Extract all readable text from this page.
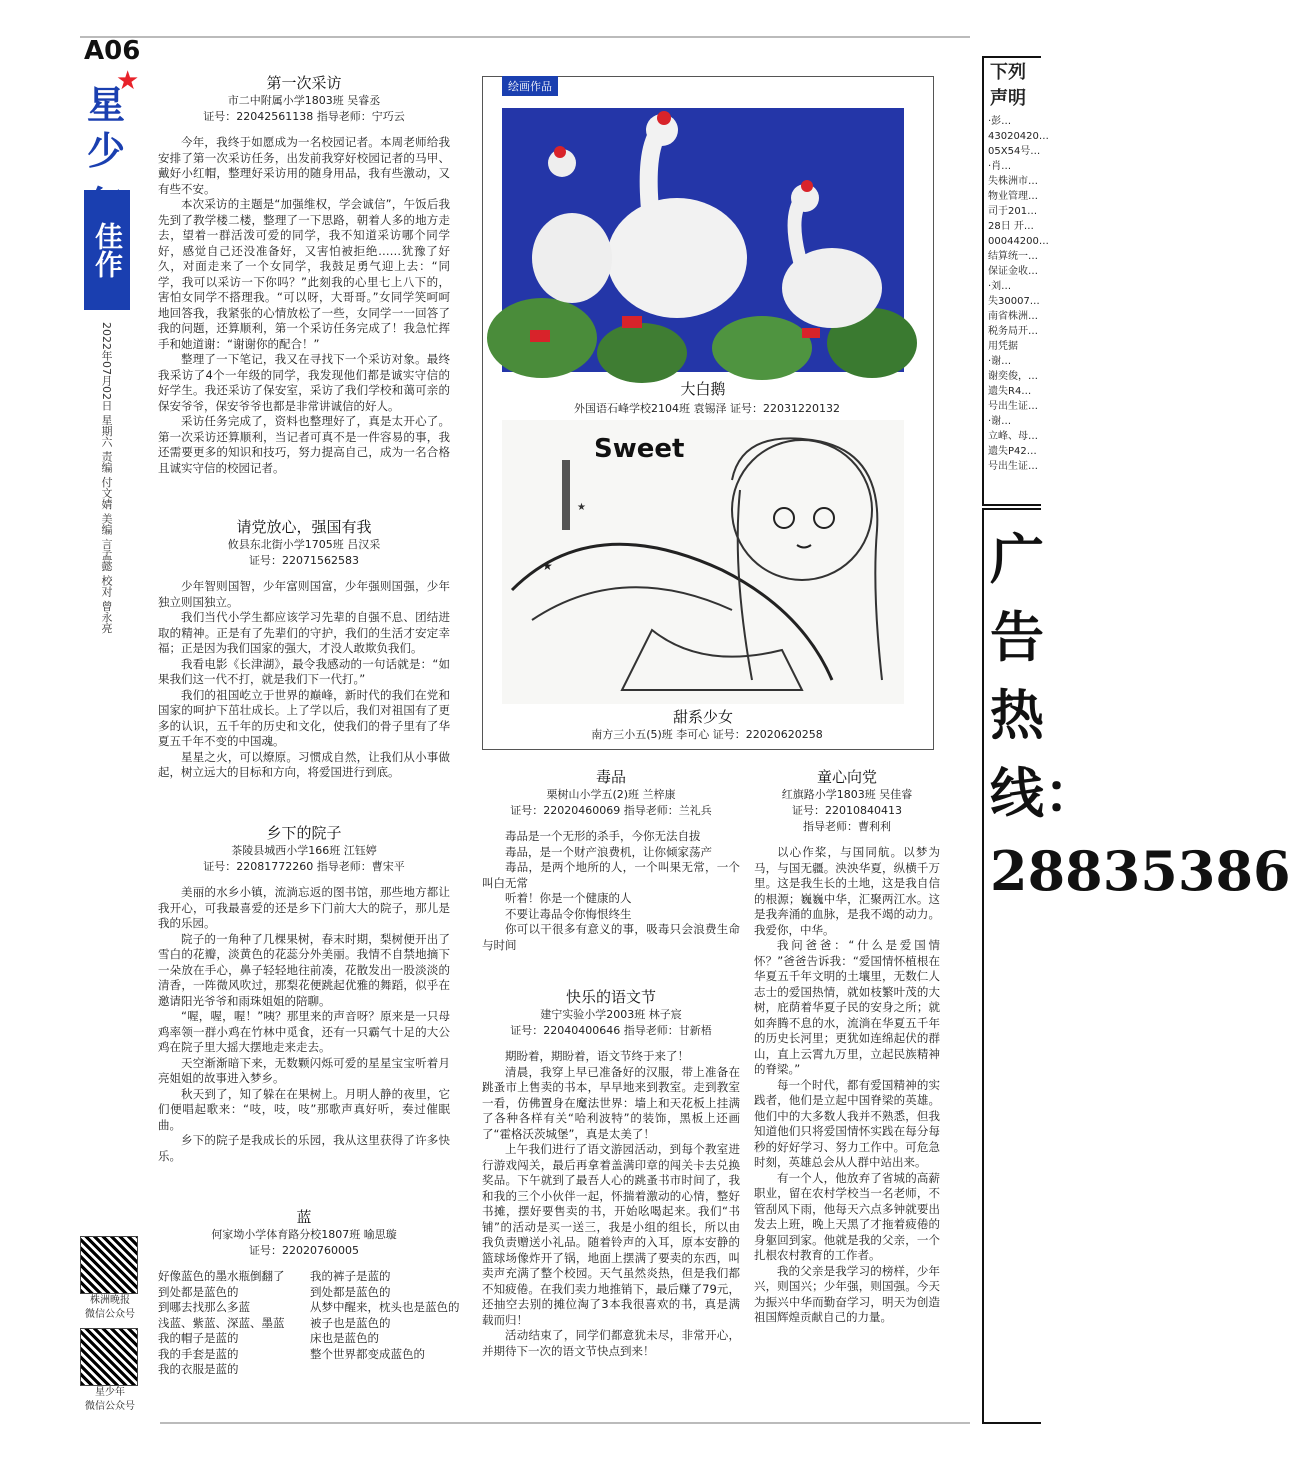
A06
★
星
少
佳作
2022年07月02日 星期六 责编 付文婧 美编 言孟懿 校对 曾永亮
株洲晚报
微信公众号
星少年
微信公众号
第一次采访
市二中附属小学1803班 吴睿丞
证号：22042561138 指导老师：宁巧云

今年，我终于如愿成为一名校园记者。本周老师给我安排了第一次采访任务，出发前我穿好校园记者的马甲、戴好小红帽，整理好采访用的随身用品，我有些激动，又有些不安。

本次采访的主题是“加强维权，学会诚信”，午饭后我先到了教学楼二楼，整理了一下思路，朝着人多的地方走去，望着一群活泼可爱的同学，我不知道采访哪个同学好，感觉自己还没准备好，又害怕被拒绝……犹豫了好久，对面走来了一个女同学，我鼓足勇气迎上去：“同学，我可以采访一下你吗？”此刻我的心里七上八下的，害怕女同学不搭理我。“可以呀，大哥哥。”女同学笑呵呵地回答我，我紧张的心情放松了一些，女同学一一回答了我的问题，还算顺利，第一个采访任务完成了！我急忙挥手和她道谢：“谢谢你的配合！”

整理了一下笔记，我又在寻找下一个采访对象。最终我采访了4个一年级的同学，我发现他们都是诚实守信的好学生。我还采访了保安室，采访了我们学校和蔼可亲的保安爷爷，保安爷爷也都是非常讲诚信的好人。

采访任务完成了，资料也整理好了，真是太开心了。第一次采访还算顺利，当记者可真不是一件容易的事，我还需要更多的知识和技巧，努力提高自己，成为一名合格且诚实守信的校园记者。

请党放心，强国有我
攸县东北街小学1705班 吕汉采
证号：22071562583

少年智则国智，少年富则国富，少年强则国强，少年独立则国独立。

我们当代小学生都应该学习先辈的自强不息、团结进取的精神。正是有了先辈们的守护，我们的生活才安定幸福；正是因为我们国家的强大，才没人敢欺负我们。

我看电影《长津湖》，最令我感动的一句话就是：“如果我们这一代不打，就是我们下一代打。”

我们的祖国屹立于世界的巅峰，新时代的我们在党和国家的呵护下茁壮成长。上了学以后，我们对祖国有了更多的认识，五千年的历史和文化，使我们的骨子里有了华夏五千年不变的中国魂。

星星之火，可以燎原。习惯成自然，让我们从小事做起，树立远大的目标和方向，将爱国进行到底。

乡下的院子
茶陵县城西小学166班 江钰婷
证号：22081772260 指导老师：曹宋平

美丽的水乡小镇，流淌忘返的图书馆，那些地方都让我开心，可我最喜爱的还是乡下门前大大的院子，那儿是我的乐园。

院子的一角种了几棵果树，春末时期，梨树便开出了雪白的花瓣，淡黄色的花蕊分外美丽。我情不自禁地摘下一朵放在手心，鼻子轻轻地往前凑，花散发出一股淡淡的清香，一阵微风吹过，那梨花便跳起优雅的舞蹈，似乎在邀请阳光爷爷和雨珠姐姐的陪聊。

“喔，喔，喔！”咦？那里来的声音呀？原来是一只母鸡率领一群小鸡在竹林中觅食，还有一只霸气十足的大公鸡在院子里大摇大摆地走来走去。

天空渐渐暗下来，无数颗闪烁可爱的星星宝宝听着月亮姐姐的故事进入梦乡。

秋天到了，知了躲在在果树上。月明人静的夜里，它们便唱起歌来：“吱，吱，吱”那歌声真好听，奏过催眠曲。

乡下的院子是我成长的乐园，我从这里获得了许多快乐。

蓝
何家坳小学体育路分校1807班 喻思璇
证号：22020760005
好像蓝色的墨水瓶倒翻了
到处都是蓝色的
到哪去找那么多蓝
浅蓝、紫蓝、深蓝、墨蓝
我的帽子是蓝的
我的手套是蓝的
我的衣服是蓝的
我的裤子是蓝的
到处都是蓝色的
从梦中醒来，枕头也是蓝色的
被子也是蓝色的
床也是蓝色的
整个世界都变成蓝色的
绘画作品
大白鹅
外国语石峰学校2104班 袁锡泽 证号：22031220132
★
★
Sweet
甜系少女
南方三小五(5)班 李可心 证号：22020620258
毒品
栗树山小学五(2)班 兰梓康
证号：22020460069 指导老师：兰礼兵

毒品是一个无形的杀手，今你无法自拔

毒品，是一个财产浪费机，让你倾家荡产

毒品，是两个地所的人，一个叫果无常，一个叫白无常

听着！你是一个健康的人

不要让毒品令你悔恨终生

你可以干很多有意义的事，吸毒只会浪费生命与时间

快乐的语文节
建宁实验小学2003班 林子宸
证号：22040400646 指导老师：甘新梧

期盼着，期盼着，语文节终于来了！

清晨，我穿上早已准备好的汉服，带上准备在跳蚤市上售卖的书本，早早地来到教室。走到教室一看，仿佛置身在魔法世界：墙上和天花板上挂满了各种各样有关“哈利波特”的装饰，黑板上还画了“霍格沃茨城堡”，真是太美了！

上午我们进行了语文游园活动，到每个教室进行游戏闯关，最后再拿着盖满印章的闯关卡去兑换奖品。下午就到了最吾人心的跳蚤书市时间了，我和我的三个小伙伴一起，怀揣着激动的心情，整好书摊，摆好要售卖的书，开始吆喝起来。我们“书铺”的活动是买一送三，我是小组的组长，所以由我负责赠送小礼品。随着铃声的入耳，原本安静的篮球场像炸开了锅，地面上摆满了要卖的东西，叫卖声充满了整个校园。天气虽然炎热，但是我们都不知疲倦。在我们卖力地推销下，最后赚了79元，还抽空去别的摊位淘了3本我很喜欢的书，真是满载而归！

活动结束了，同学们都意犹未尽，非常开心，并期待下一次的语文节快点到来！

童心向党
红旗路小学1803班 吴佳睿
证号：22010840413
指导老师：曹利利

以心作桨，与国同航。以梦为马，与国无疆。泱泱华夏，纵横千万里。这是我生长的土地，这是我自信的根源；巍巍中华，汇聚两江水。这是我奔涌的血脉，是我不竭的动力。我爱你，中华。

我问爸爸：“什么是爱国情怀？”爸爸告诉我：“爱国情怀植根在华夏五千年文明的土壤里，无数仁人志士的爱国热情，就如枝繁叶茂的大树，庇荫着华夏子民的安身之所；就如奔腾不息的水，流淌在华夏五千年的历史长河里；更犹如连绵起伏的群山，直上云霄九万里，立起民族精神的脊梁。”

每一个时代，都有爱国精神的实践者，他们是立起中国脊梁的英雄。他们中的大多数人我并不熟悉，但我知道他们只将爱国情怀实践在每分每秒的好好学习、努力工作中。可危急时刻，英雄总会从人群中站出来。

有一个人，他放弃了省城的高薪职业，留在农村学校当一名老师，不管刮风下雨，他每天六点多钟就要出发去上班，晚上天黑了才拖着疲倦的身躯回到家。他就是我的父亲，一个扎根农村教育的工作者。

我的父亲是我学习的榜样，少年兴，则国兴；少年强，则国强。今天为振兴中华而勤奋学习，明天为创造祖国辉煌贡献自己的力量。

下列
声明
·彭…
43020420…
05X54号…
·肖…
失株洲市…
物业管理…
司于201…
28日 开…
00044200…
结算统一…
保证金收…
·刘…
失30007…
南省株洲…
税务局开…
用凭据
·谢…
谢奕俊，…
遗失R4…
号出生证…
·谢…
立峰、母…
遗失P42…
号出生证…
广告热线：28835386
